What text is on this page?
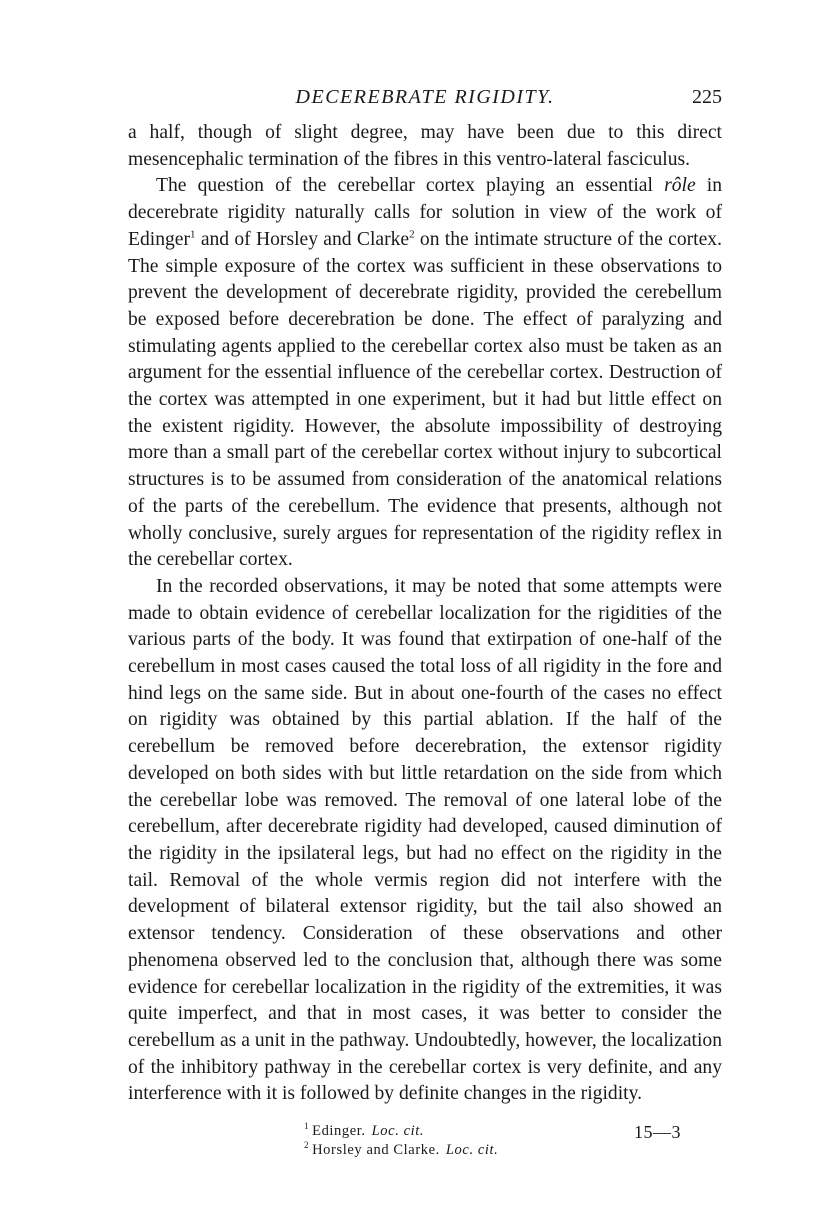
DECEREBRATE RIGIDITY.	225

a half, though of slight degree, may have been due to this direct mesencephalic termination of the fibres in this ventro-lateral fasciculus.

The question of the cerebellar cortex playing an essential rôle in decerebrate rigidity naturally calls for solution in view of the work of Edinger$^1$ and of Horsley and Clarke$^2$ on the intimate structure of the cortex. The simple exposure of the cortex was sufficient in these observations to prevent the development of decerebrate rigidity, provided the cerebellum be exposed before decerebration be done. The effect of paralyzing and stimulating agents applied to the cerebellar cortex also must be taken as an argument for the essential influence of the cerebellar cortex. Destruction of the cortex was attempted in one experiment, but it had but little effect on the existent rigidity. However, the absolute impossibility of destroying more than a small part of the cerebellar cortex without injury to subcortical structures is to be assumed from consideration of the anatomical relations of the parts of the cerebellum. The evidence that presents, although not wholly conclusive, surely argues for representation of the rigidity reflex in the cerebellar cortex.

In the recorded observations, it may be noted that some attempts were made to obtain evidence of cerebellar localization for the rigidities of the various parts of the body. It was found that extirpation of one-half of the cerebellum in most cases caused the total loss of all rigidity in the fore and hind legs on the same side. But in about one-fourth of the cases no effect on rigidity was obtained by this partial ablation. If the half of the cerebellum be removed before decerebration, the extensor rigidity developed on both sides with but little retardation on the side from which the cerebellar lobe was removed. The removal of one lateral lobe of the cerebellum, after decerebrate rigidity had developed, caused diminution of the rigidity in the ipsilateral legs, but had no effect on the rigidity in the tail. Removal of the whole vermis region did not interfere with the development of bilateral extensor rigidity, but the tail also showed an extensor tendency. Consideration of these observations and other phenomena observed led to the conclusion that, although there was some evidence for cerebellar localization in the rigidity of the extremities, it was quite imperfect, and that in most cases, it was better to consider the cerebellum as a unit in the pathway. Undoubtedly, however, the localization of the inhibitory pathway in the cerebellar cortex is very definite, and any interference with it is followed by definite changes in the rigidity.

$^1$ Edinger. Loc. cit.
$^2$ Horsley and Clarke. Loc. cit.
15—3
